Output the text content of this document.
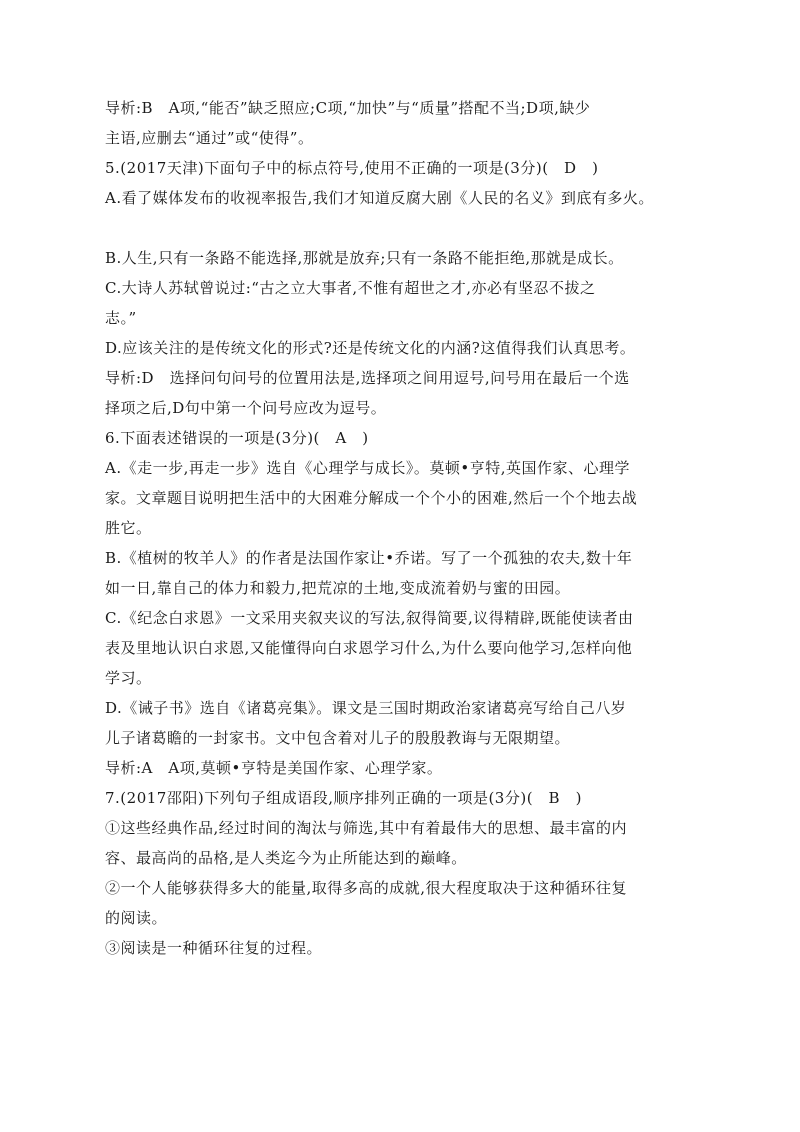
导析:B　A项,“能否”缺乏照应;C项,“加快”与“质量”搭配不当;D项,缺少
主语,应删去“通过”或“使得”。
5.(2017天津)下面句子中的标点符号,使用不正确的一项是(3分)(　D　)
A.看了媒体发布的收视率报告,我们才知道反腐大剧《人民的名义》到底有多火。
B.人生,只有一条路不能选择,那就是放弃;只有一条路不能拒绝,那就是成长。
C.大诗人苏轼曾说过:“古之立大事者,不惟有超世之才,亦必有坚忍不拔之
志。”
D.应该关注的是传统文化的形式?还是传统文化的内涵?这值得我们认真思考。
导析:D　选择问句问号的位置用法是,选择项之间用逗号,问号用在最后一个选
择项之后,D句中第一个问号应改为逗号。
6.下面表述错误的一项是(3分)(　A　)
A.《走一步,再走一步》选自《心理学与成长》。莫顿•亨特,英国作家、心理学
家。文章题目说明把生活中的大困难分解成一个个小的困难,然后一个个地去战
胜它。
B.《植树的牧羊人》的作者是法国作家让•乔诺。写了一个孤独的农夫,数十年
如一日,靠自己的体力和毅力,把荒凉的土地,变成流着奶与蜜的田园。
C.《纪念白求恩》一文采用夹叙夹议的写法,叙得简要,议得精辟,既能使读者由
表及里地认识白求恩,又能懂得向白求恩学习什么,为什么要向他学习,怎样向他
学习。
D.《诫子书》选自《诸葛亮集》。课文是三国时期政治家诸葛亮写给自己八岁
儿子诸葛瞻的一封家书。文中包含着对儿子的殷殷教诲与无限期望。
导析:A　A项,莫顿•亨特是美国作家、心理学家。
7.(2017邵阳)下列句子组成语段,顺序排列正确的一项是(3分)(　B　)
①这些经典作品,经过时间的淘汰与筛选,其中有着最伟大的思想、最丰富的内
容、最高尚的品格,是人类迄今为止所能达到的巅峰。
②一个人能够获得多大的能量,取得多高的成就,很大程度取决于这种循环往复
的阅读。
③阅读是一种循环往复的过程。
